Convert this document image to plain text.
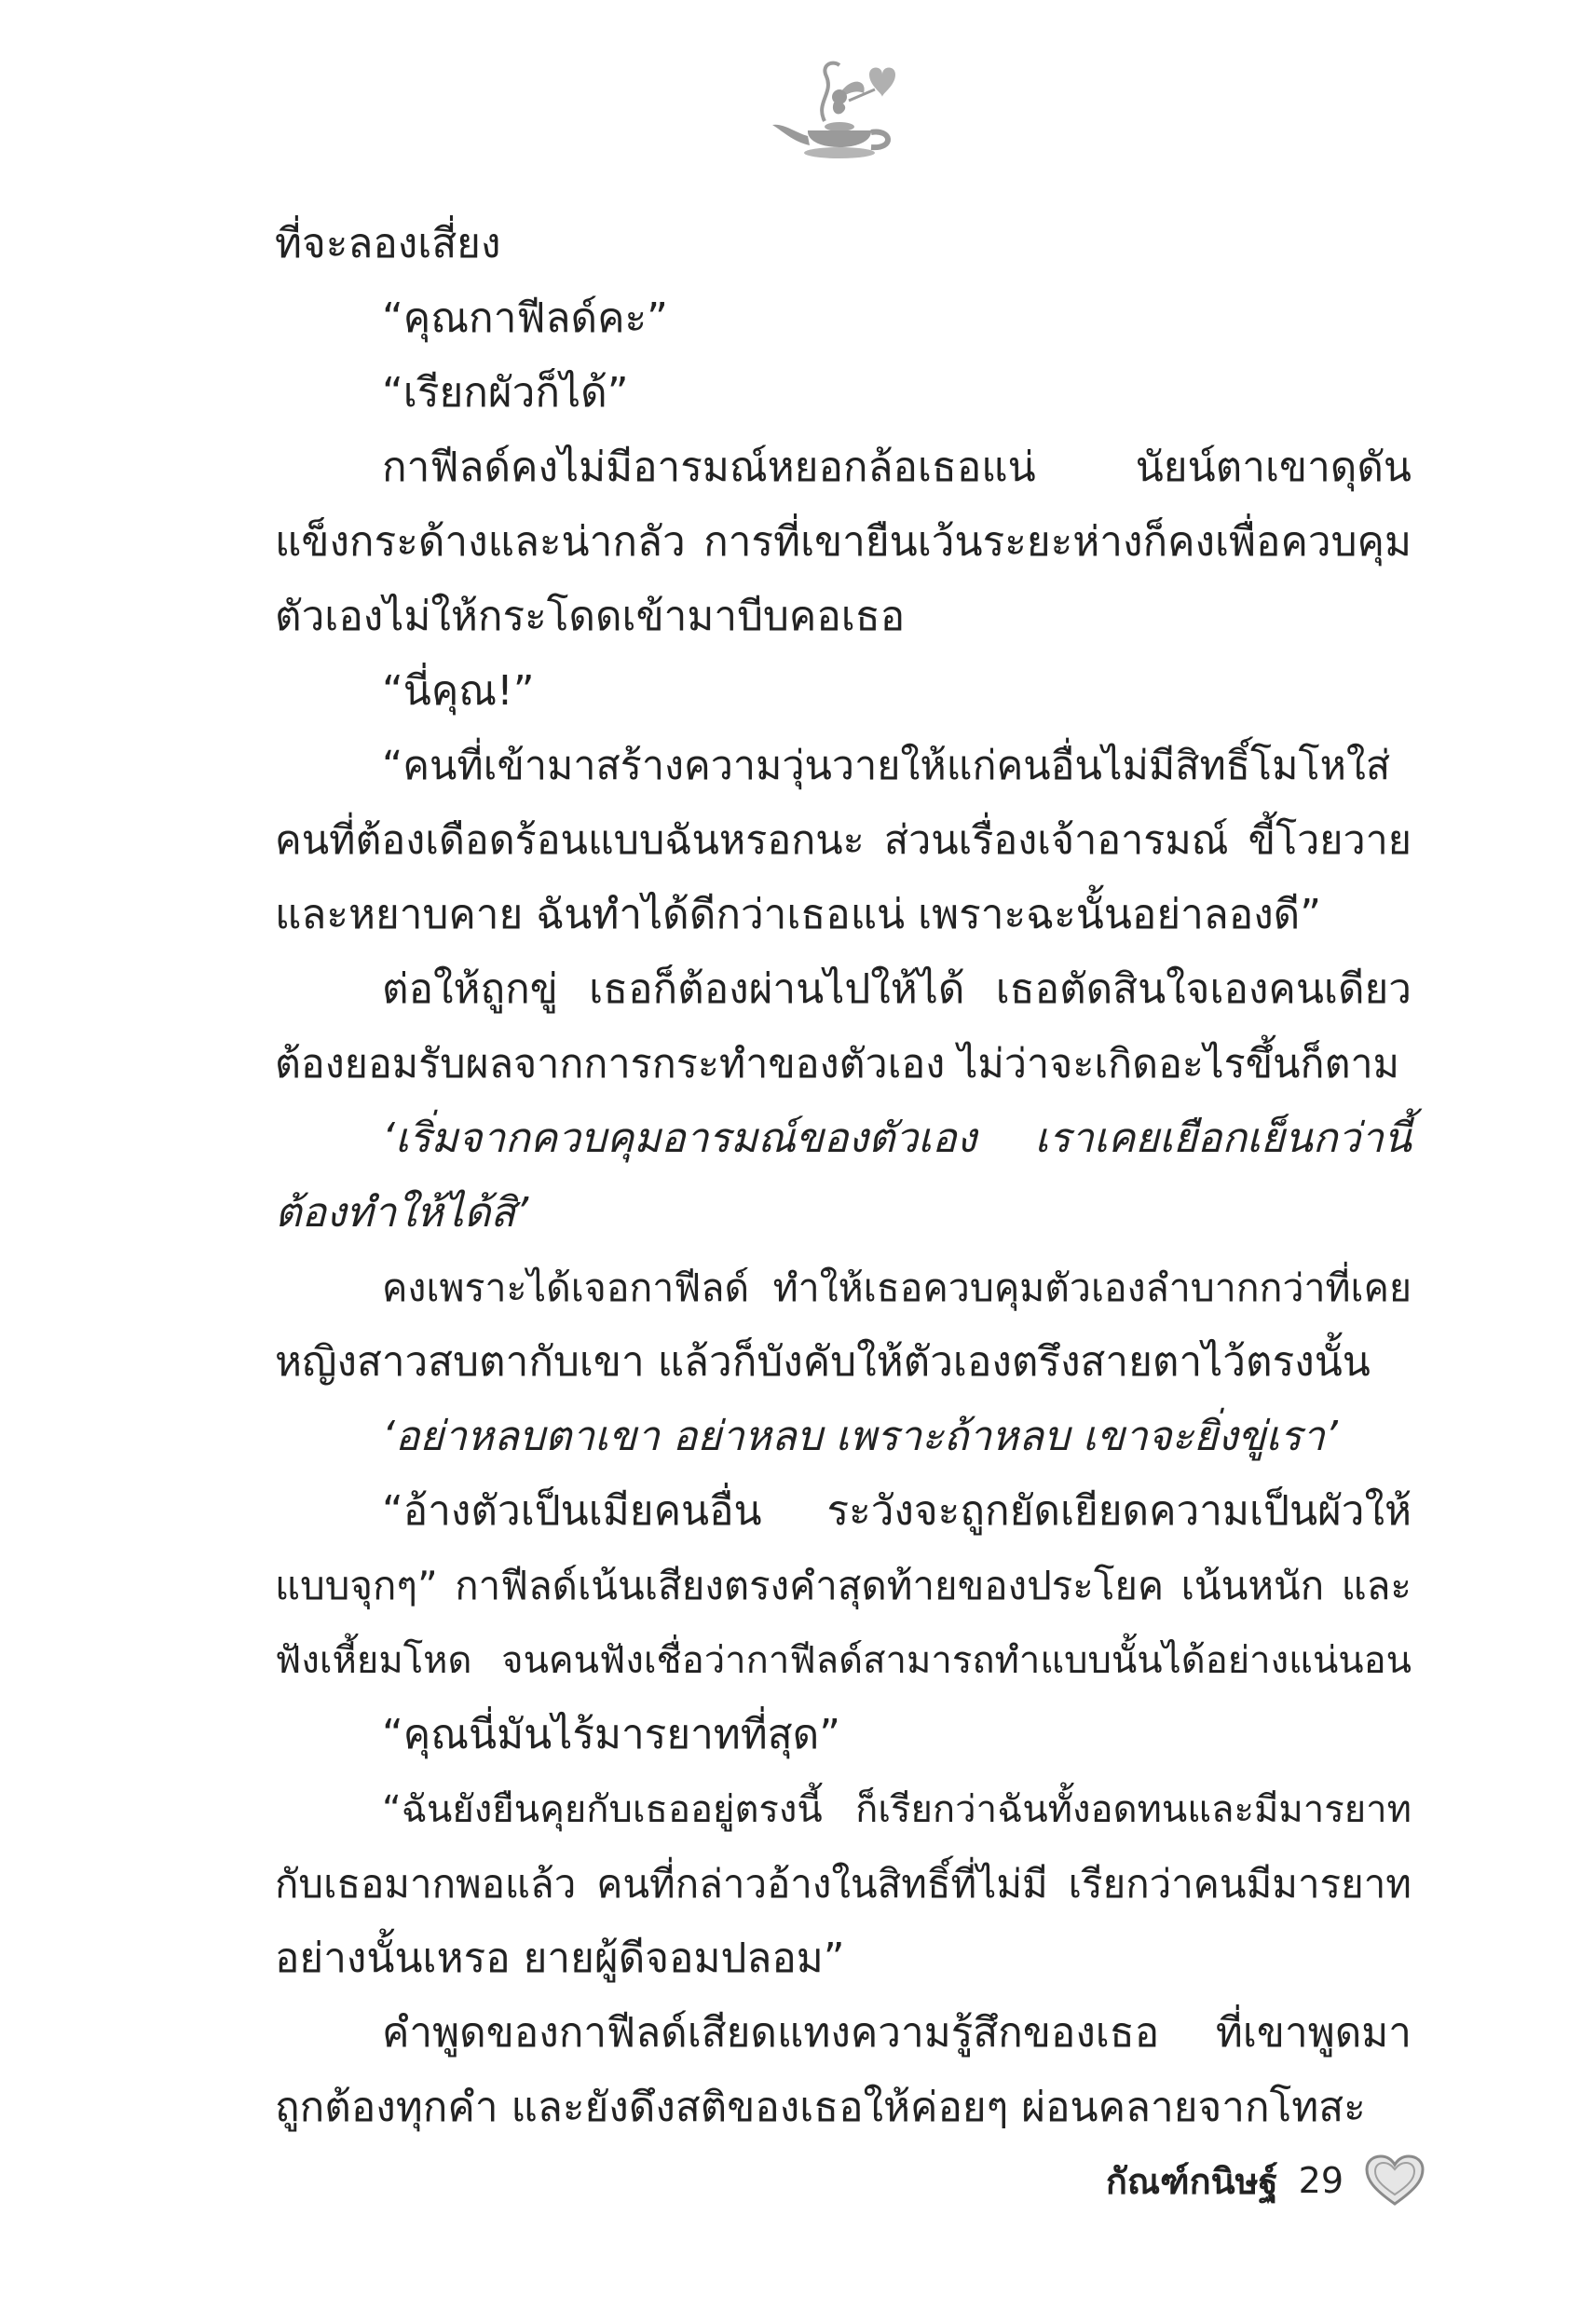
ที่จะลองเสี่ยง
“คุณกาฟีลด์คะ”
“เรียกผัวก็ได้”
กาฟีลด์คงไม่มีอารมณ์หยอกล้อเธอแน่ นัยน์ตาเขาดุดัน
แข็งกระด้างและน่ากลัว การที่เขายืนเว้นระยะห่างก็คงเพื่อควบคุม
ตัวเองไม่ให้กระโดดเข้ามาบีบคอเธอ
“นี่คุณ!”
“คนที่เข้ามาสร้างความวุ่นวายให้แก่คนอื่นไม่มีสิทธิ์โมโหใส่
คนที่ต้องเดือดร้อนแบบฉันหรอกนะ ส่วนเรื่องเจ้าอารมณ์ ขี้โวยวาย
และหยาบคาย ฉันทำได้ดีกว่าเธอแน่ เพราะฉะนั้นอย่าลองดี”
ต่อให้ถูกขู่ เธอก็ต้องผ่านไปให้ได้ เธอตัดสินใจเองคนเดียว
ต้องยอมรับผลจากการกระทำของตัวเอง ไม่ว่าจะเกิดอะไรขึ้นก็ตาม
‘เริ่มจากควบคุมอารมณ์ของตัวเอง เราเคยเยือกเย็นกว่านี้
ต้องทำให้ได้สิ’
คงเพราะได้เจอกาฟีลด์ ทำให้เธอควบคุมตัวเองลำบากกว่าที่เคย
หญิงสาวสบตากับเขา แล้วก็บังคับให้ตัวเองตรึงสายตาไว้ตรงนั้น
‘อย่าหลบตาเขา อย่าหลบ เพราะถ้าหลบ เขาจะยิ่งขู่เรา’
“อ้างตัวเป็นเมียคนอื่น ระวังจะถูกยัดเยียดความเป็นผัวให้
แบบจุกๆ” กาฟีลด์เน้นเสียงตรงคำสุดท้ายของประโยค เน้นหนัก และ
ฟังเหี้ยมโหด จนคนฟังเชื่อว่ากาฟีลด์สามารถทำแบบนั้นได้อย่างแน่นอน
“คุณนี่มันไร้มารยาทที่สุด”
“ฉันยังยืนคุยกับเธออยู่ตรงนี้ ก็เรียกว่าฉันทั้งอดทนและมีมารยาท
กับเธอมากพอแล้ว คนที่กล่าวอ้างในสิทธิ์ที่ไม่มี เรียกว่าคนมีมารยาท
อย่างนั้นเหรอ ยายผู้ดีจอมปลอม”
คำพูดของกาฟีลด์เสียดแทงความรู้สึกของเธอ ที่เขาพูดมา
ถูกต้องทุกคำ และยังดึงสติของเธอให้ค่อยๆ ผ่อนคลายจากโทสะ
กัณฑ์กนิษฐ์ 29
